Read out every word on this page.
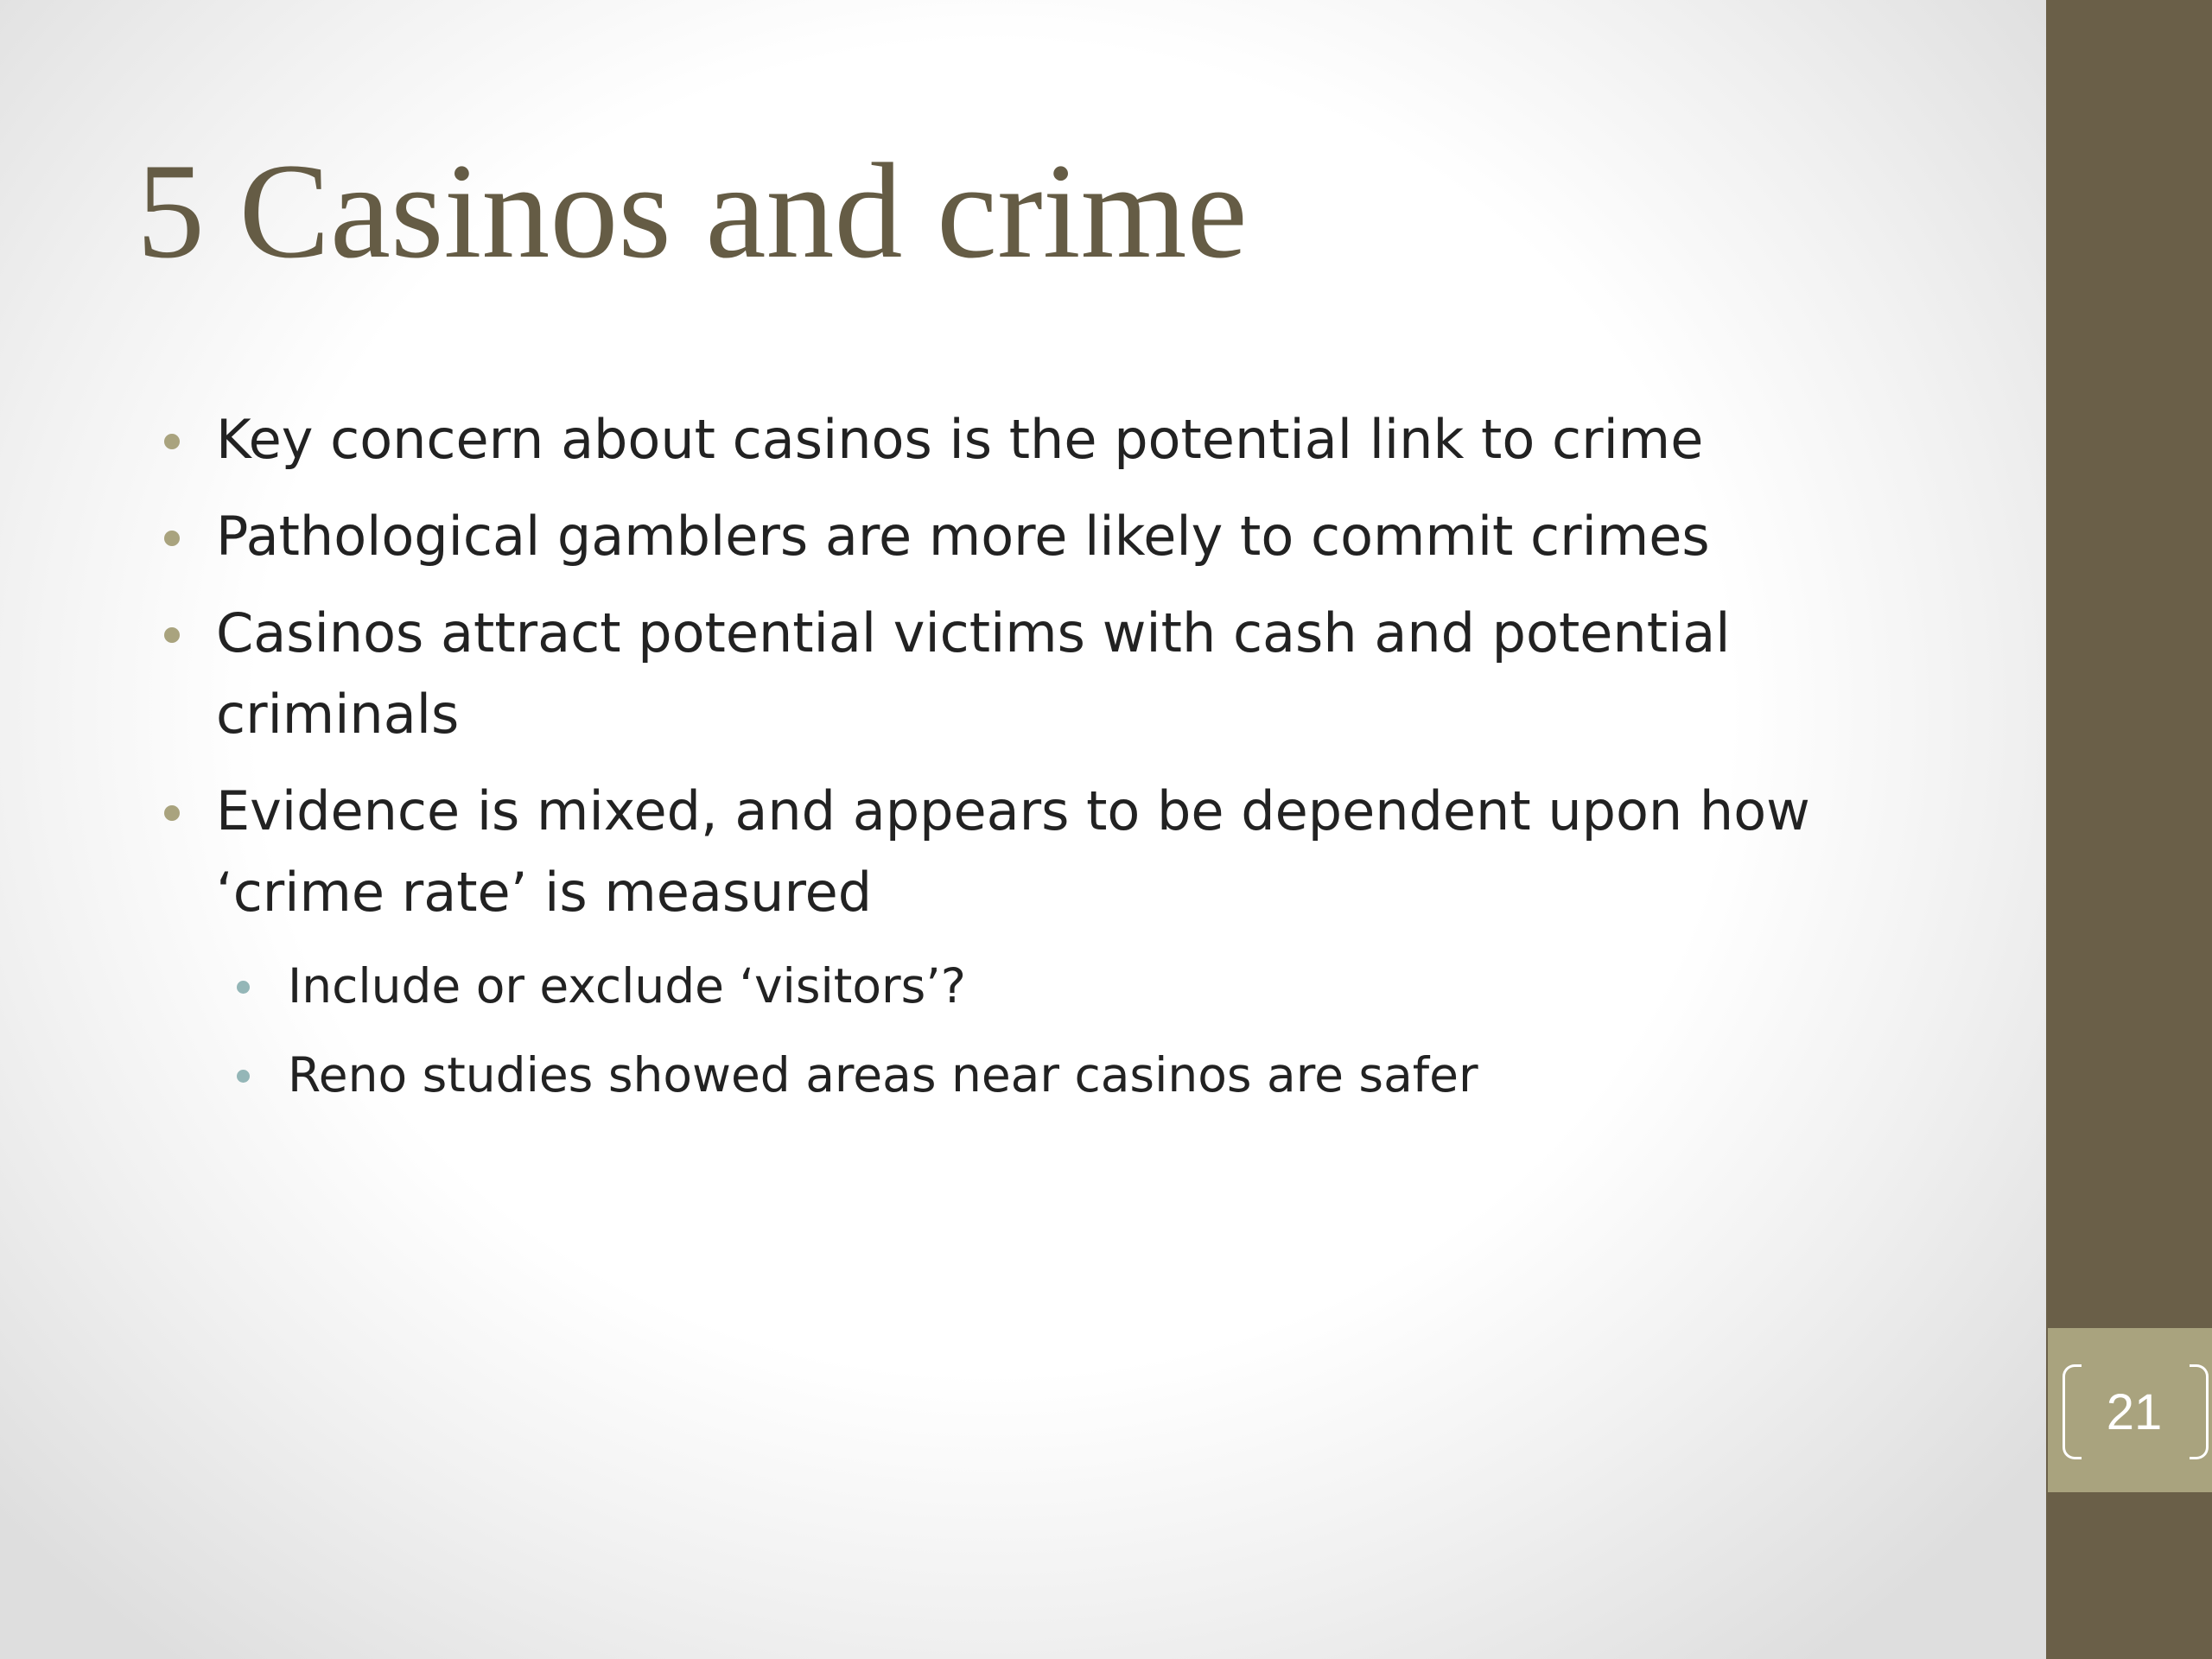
5 Casinos and crime
Key concern about casinos is the potential link to crime
Pathological gamblers are more likely to commit crimes
Casinos attract potential victims with cash and potential criminals
Evidence is mixed, and appears to be dependent upon how ‘crime rate’ is measured
Include or exclude ‘visitors’?
Reno studies showed areas near casinos are safer
21
